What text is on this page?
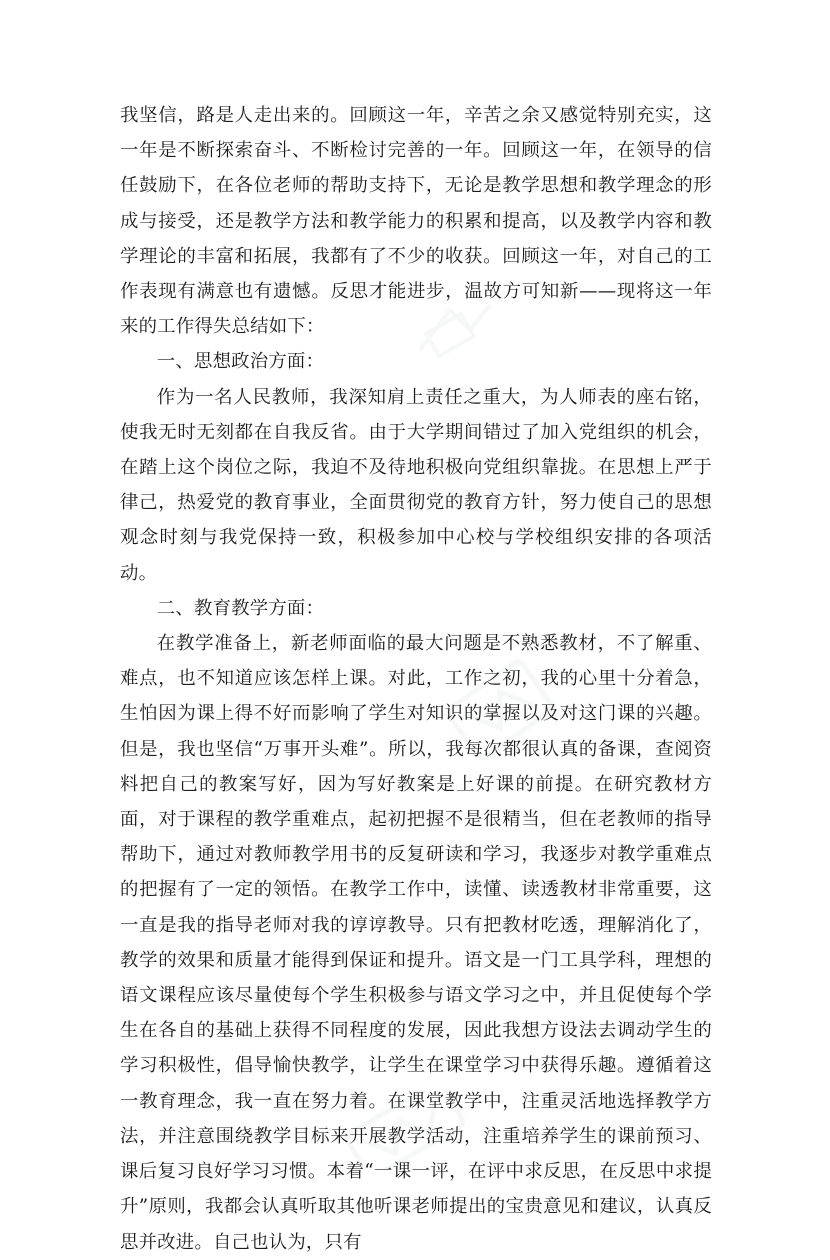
我坚信，路是人走出来的。回顾这一年，辛苦之余又感觉特别充实，这一年是不断探索奋斗、不断检讨完善的一年。回顾这一年，在领导的信任鼓励下，在各位老师的帮助支持下，无论是教学思想和教学理念的形成与接受，还是教学方法和教学能力的积累和提高，以及教学内容和教学理论的丰富和拓展，我都有了不少的收获。回顾这一年，对自己的工作表现有满意也有遗憾。反思才能进步，温故方可知新——现将这一年来的工作得失总结如下：

一、思想政治方面：

作为一名人民教师，我深知肩上责任之重大，为人师表的座右铭，使我无时无刻都在自我反省。由于大学期间错过了加入党组织的机会，在踏上这个岗位之际，我迫不及待地积极向党组织靠拢。在思想上严于律己，热爱党的教育事业，全面贯彻党的教育方针，努力使自己的思想观念时刻与我党保持一致，积极参加中心校与学校组织安排的各项活动。

二、教育教学方面：

在教学准备上，新老师面临的最大问题是不熟悉教材，不了解重、难点，也不知道应该怎样上课。对此，工作之初，我的心里十分着急，生怕因为课上得不好而影响了学生对知识的掌握以及对这门课的兴趣。但是，我也坚信“万事开头难”。所以，我每次都很认真的备课，查阅资料把自己的教案写好，因为写好教案是上好课的前提。在研究教材方面，对于课程的教学重难点，起初把握不是很精当，但在老教师的指导帮助下，通过对教师教学用书的反复研读和学习，我逐步对教学重难点的把握有了一定的领悟。在教学工作中，读懂、读透教材非常重要，这一直是我的指导老师对我的谆谆教导。只有把教材吃透，理解消化了，教学的效果和质量才能得到保证和提升。语文是一门工具学科，理想的语文课程应该尽量使每个学生积极参与语文学习之中，并且促使每个学生在各自的基础上获得不同程度的发展，因此我想方设法去调动学生的学习积极性，倡导愉快教学，让学生在课堂学习中获得乐趣。遵循着这一教育理念，我一直在努力着。在课堂教学中，注重灵活地选择教学方法，并注意围绕教学目标来开展教学活动，注重培养学生的课前预习、课后复习良好学习习惯。本着“一课一评，在评中求反思，在反思中求提升”原则，我都会认真听取其他听课老师提出的宝贵意见和建议，认真反思并改进。自己也认为，只有
